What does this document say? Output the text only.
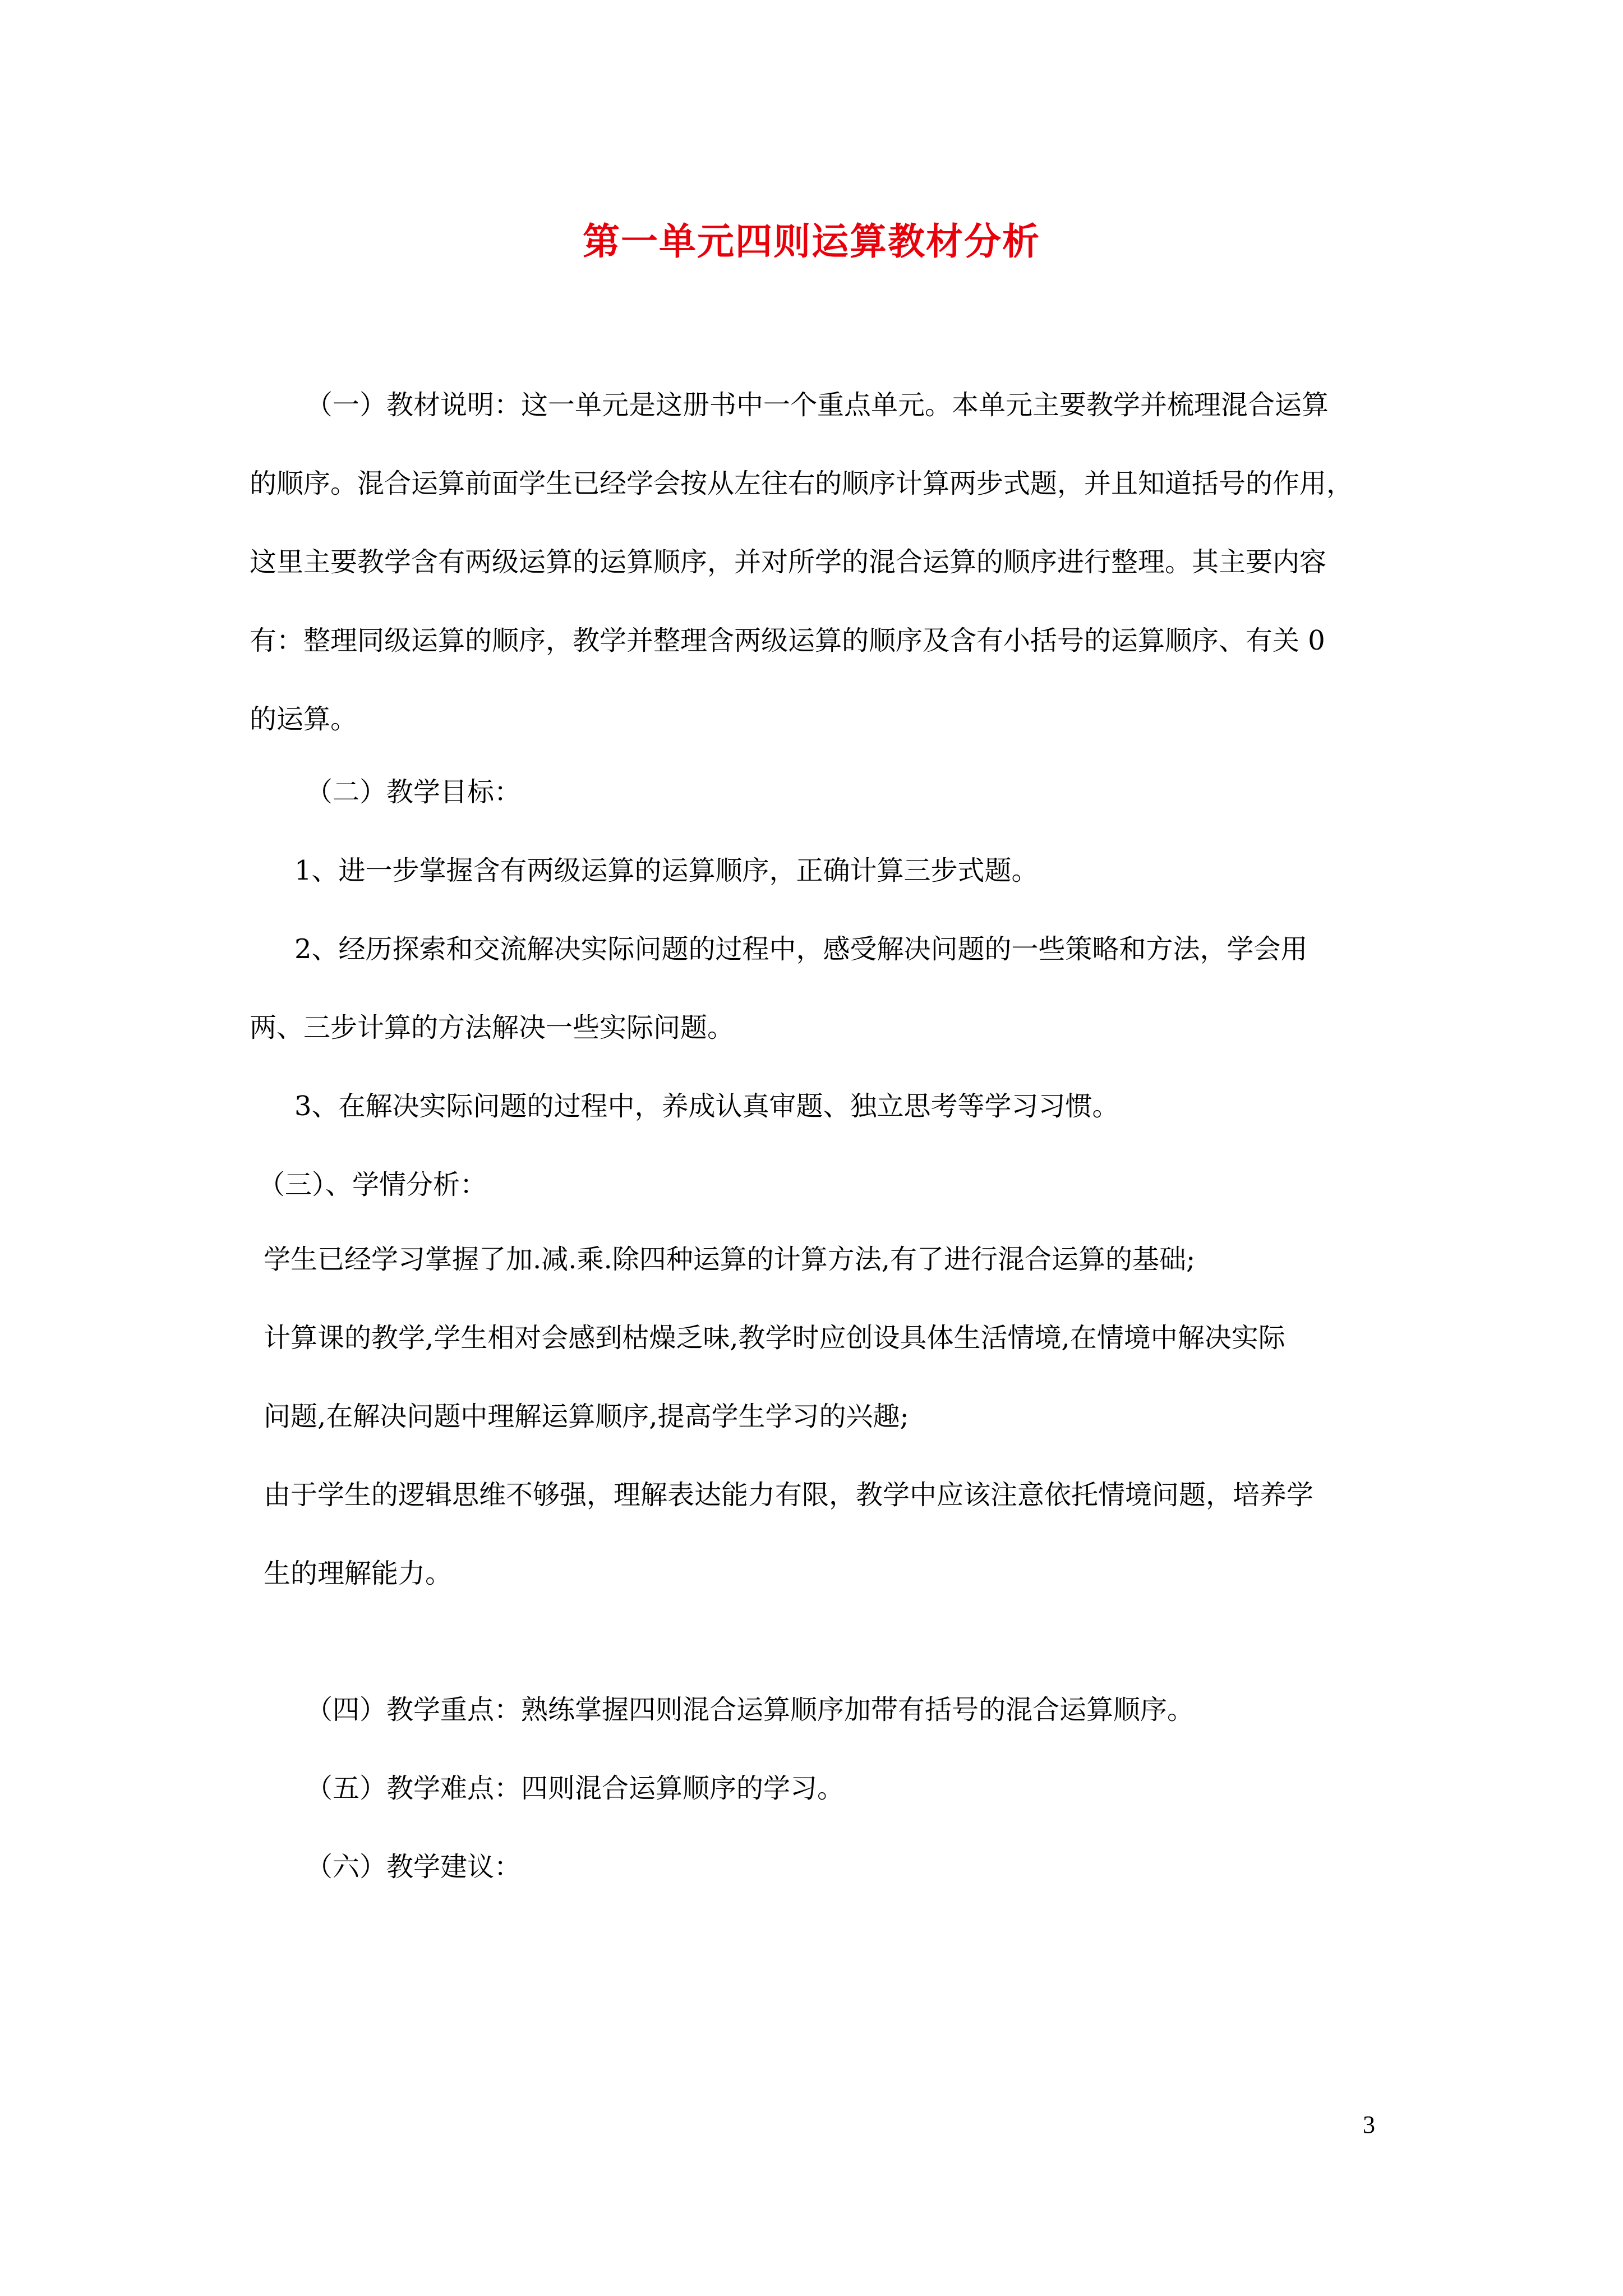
第一单元四则运算教材分析
（一）教材说明：这一单元是这册书中一个重点单元。本单元主要教学并梳理混合运算
的顺序。混合运算前面学生已经学会按从左往右的顺序计算两步式题，并且知道括号的作用，
这里主要教学含有两级运算的运算顺序，并对所学的混合运算的顺序进行整理。其主要内容
有：整理同级运算的顺序，教学并整理含两级运算的顺序及含有小括号的运算顺序、有关 0
的运算。
（二）教学目标：
1、进一步掌握含有两级运算的运算顺序，正确计算三步式题。
2、经历探索和交流解决实际问题的过程中，感受解决问题的一些策略和方法，学会用
两、三步计算的方法解决一些实际问题。
3、在解决实际问题的过程中，养成认真审题、独立思考等学习习惯。
（三）、学情分析：
学生已经学习掌握了加.减.乘.除四种运算的计算方法,有了进行混合运算的基础;
计算课的教学,学生相对会感到枯燥乏味,教学时应创设具体生活情境,在情境中解决实际
问题,在解决问题中理解运算顺序,提高学生学习的兴趣;
由于学生的逻辑思维不够强，理解表达能力有限，教学中应该注意依托情境问题，培养学
生的理解能力。
（四）教学重点：熟练掌握四则混合运算顺序加带有括号的混合运算顺序。
（五）教学难点：四则混合运算顺序的学习。
（六）教学建议：
3
